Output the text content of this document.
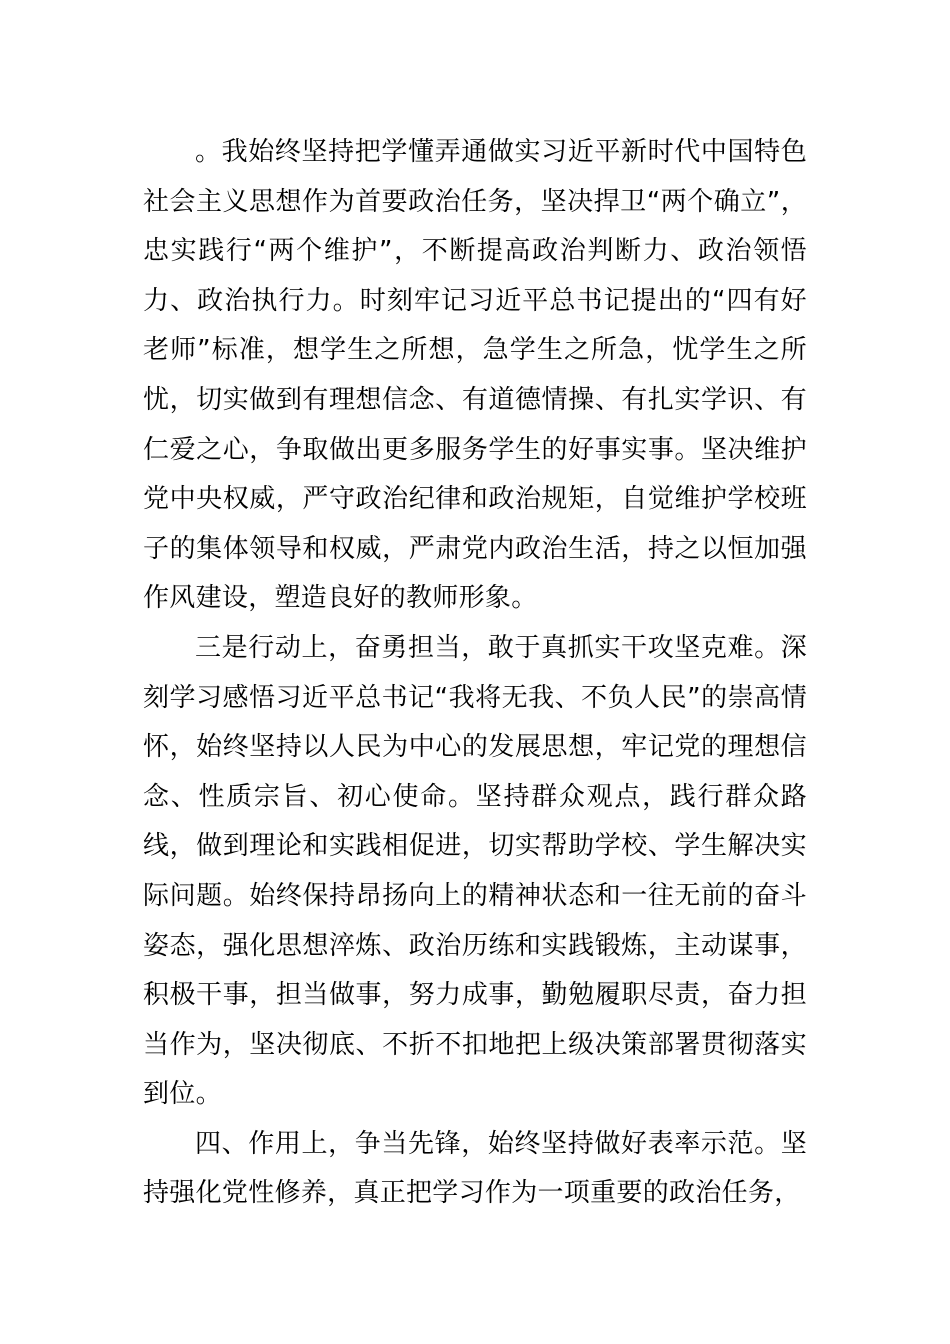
。我始终坚持把学懂弄通做实习近平新时代中国特色社会主义思想作为首要政治任务，坚决捍卫“两个确立”，忠实践行“两个维护”，不断提高政治判断力、政治领悟力、政治执行力。时刻牢记习近平总书记提出的“四有好老师”标准，想学生之所想，急学生之所急，忧学生之所忧，切实做到有理想信念、有道德情操、有扎实学识、有仁爱之心，争取做出更多服务学生的好事实事。坚决维护党中央权威，严守政治纪律和政治规矩，自觉维护学校班子的集体领导和权威，严肃党内政治生活，持之以恒加强作风建设，塑造良好的教师形象。

三是行动上，奋勇担当，敢于真抓实干攻坚克难。深刻学习感悟习近平总书记“我将无我、不负人民”的崇高情怀，始终坚持以人民为中心的发展思想，牢记党的理想信念、性质宗旨、初心使命。坚持群众观点，践行群众路线，做到理论和实践相促进，切实帮助学校、学生解决实际问题。始终保持昂扬向上的精神状态和一往无前的奋斗姿态，强化思想淬炼、政治历练和实践锻炼，主动谋事，积极干事，担当做事，努力成事，勤勉履职尽责，奋力担当作为，坚决彻底、不折不扣地把上级决策部署贯彻落实到位。

四、作用上，争当先锋，始终坚持做好表率示范。坚持强化党性修养，真正把学习作为一项重要的政治任务，
